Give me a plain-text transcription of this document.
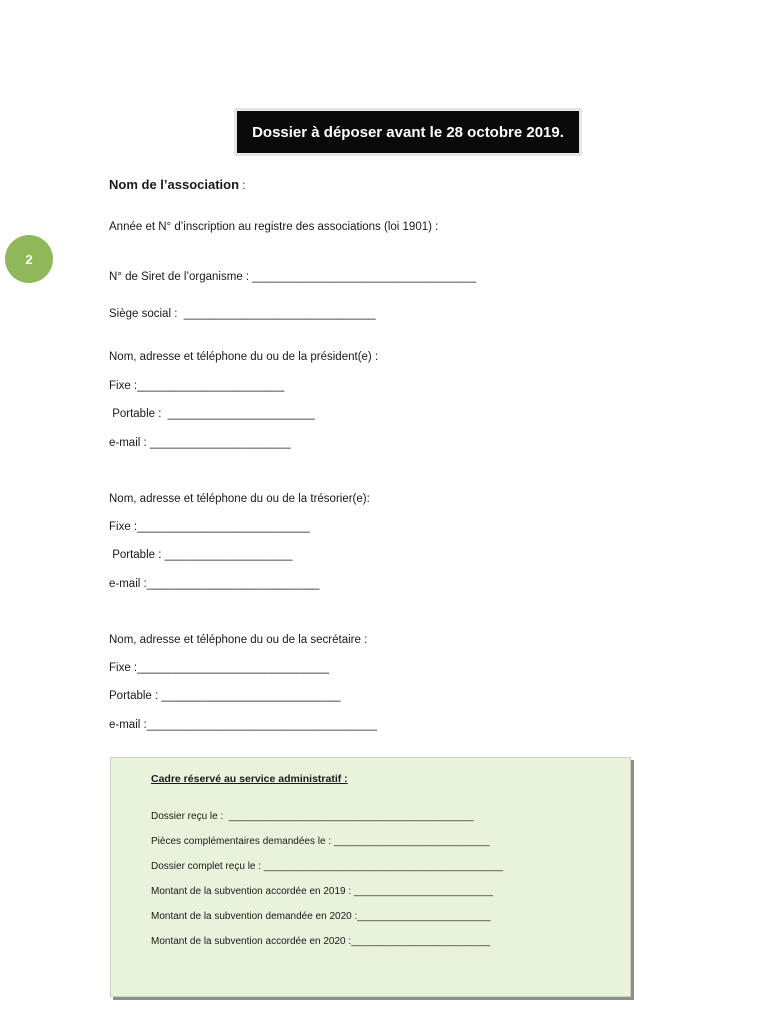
Dossier à déposer avant le 28 octobre 2019.
2
Nom de l’association :
Année et N° d’inscription au registre des associations (loi 1901) :
N° de Siret de l’organisme : ___________________________________
Siège social :  ______________________________
Nom, adresse et téléphone du ou de la président(e) :
Fixe :_______________________
Portable :  _______________________
e-mail : ______________________
Nom, adresse et téléphone du ou de la trésorier(e):
Fixe :___________________________
Portable : ____________________
e-mail :___________________________
Nom, adresse et téléphone du ou de la secrétaire :
Fixe :______________________________
Portable : ____________________________
e-mail :____________________________________
Cadre réservé au service administratif :
Dossier reçu le :  ____________________________________________
Pièces complémentaires demandées le : ____________________________
Dossier complet reçu le : ___________________________________________
Montant de la subvention accordée en 2019 : _________________________
Montant de la subvention demandée en 2020 :________________________
Montant de la subvention accordée en 2020 :_________________________
